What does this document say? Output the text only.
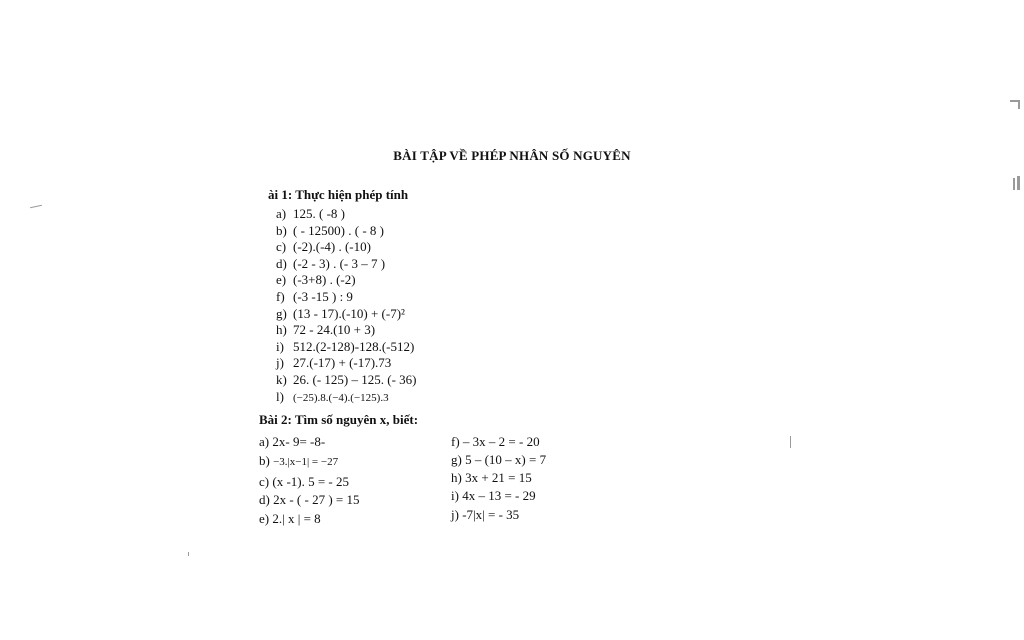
BÀI TẬP VỀ PHÉP NHÂN SỐ NGUYÊN
ài 1: Thực hiện phép tính
a) 125. ( -8 )
b) ( - 12500) . ( - 8 )
c) (-2).(-4) . (-10)
d) (-2 - 3) . (- 3 – 7 )
e) (-3+8) . (-2)
f) (-3 -15 ) : 9
g) (13 - 17).(-10) + (-7)²
h) 72 - 24.(10 + 3)
i) 512.(2-128)-128.(-512)
j) 27.(-17) + (-17).73
k) 26. (- 125) – 125. (- 36)
l) (−25).8.(−4).(−125).3
Bài 2: Tìm số nguyên x, biết:
a) 2x- 9= -8-
b) −3.|x−1| = −27
c) (x -1). 5 = - 25
d) 2x - ( - 27 ) = 15
e) 2.| x | = 8
f) – 3x – 2 = - 20
g) 5 – (10 – x) = 7
h) 3x + 21 = 15
i) 4x – 13 = - 29
j) -7|x| = - 35
